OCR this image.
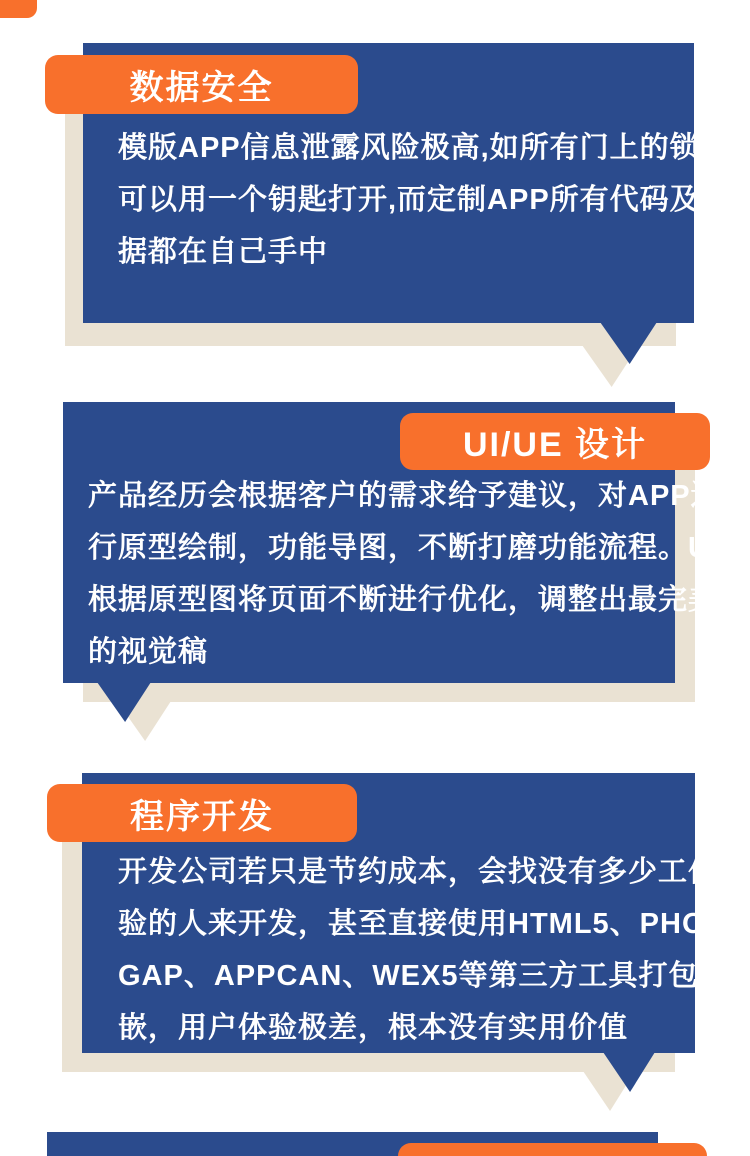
数据安全
模版APP信息泄露风险极高,如所有门上的锁都
可以用一个钥匙打开,而定制APP所有代码及数
据都在自己手中
UI/UE 设计
产品经历会根据客户的需求给予建议，对APP进
行原型绘制，功能导图，不断打磨功能流程。UI
根据原型图将页面不断进行优化，调整出最完美
的视觉稿
程序开发
开发公司若只是节约成本，会找没有多少工作经
验的人来开发，甚至直接使用HTML5、PHONE
GAP、APPCAN、WEX5等第三方工具打包镶
嵌，用户体验极差，根本没有实用价值
